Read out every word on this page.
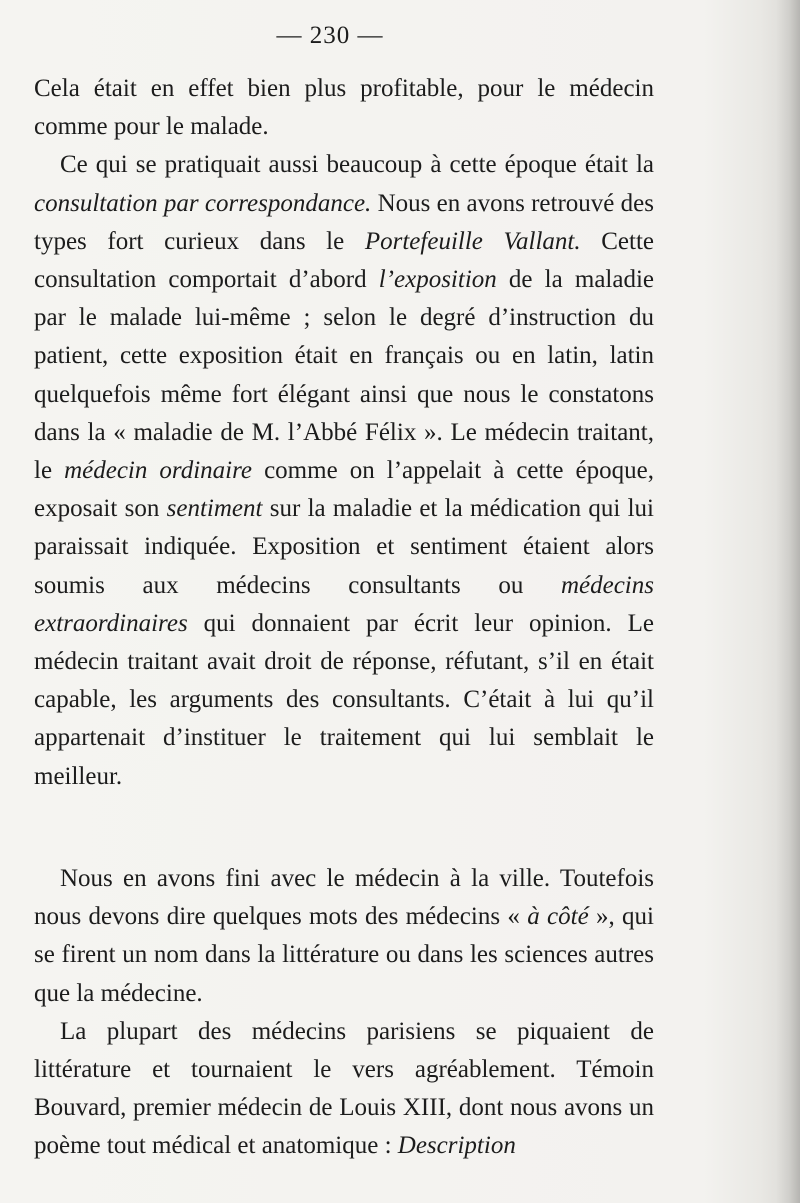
— 230 —

Cela était en effet bien plus profitable, pour le médecin comme pour le malade.

Ce qui se pratiquait aussi beaucoup à cette époque était la consultation par correspondance. Nous en avons retrouvé des types fort curieux dans le Portefeuille Vallant. Cette consultation comportait d’abord l’exposition de la maladie par le malade lui-même ; selon le degré d’instruction du patient, cette exposition était en français ou en latin, latin quelquefois même fort élégant ainsi que nous le constatons dans la « maladie de M. l’Abbé Félix ». Le médecin traitant, le médecin ordinaire comme on l’appelait à cette époque, exposait son sentiment sur la maladie et la médication qui lui paraissait indiquée. Exposition et sentiment étaient alors soumis aux médecins consultants ou médecins extraordinaires qui donnaient par écrit leur opinion. Le médecin traitant avait droit de réponse, réfutant, s’il en était capable, les arguments des consultants. C’était à lui qu’il appartenait d’instituer le traitement qui lui semblait le meilleur.

Nous en avons fini avec le médecin à la ville. Toutefois nous devons dire quelques mots des médecins « à côté », qui se firent un nom dans la littérature ou dans les sciences autres que la médecine.

La plupart des médecins parisiens se piquaient de littérature et tournaient le vers agréablement. Témoin Bouvard, premier médecin de Louis XIII, dont nous avons un poème tout médical et anatomique : Description
